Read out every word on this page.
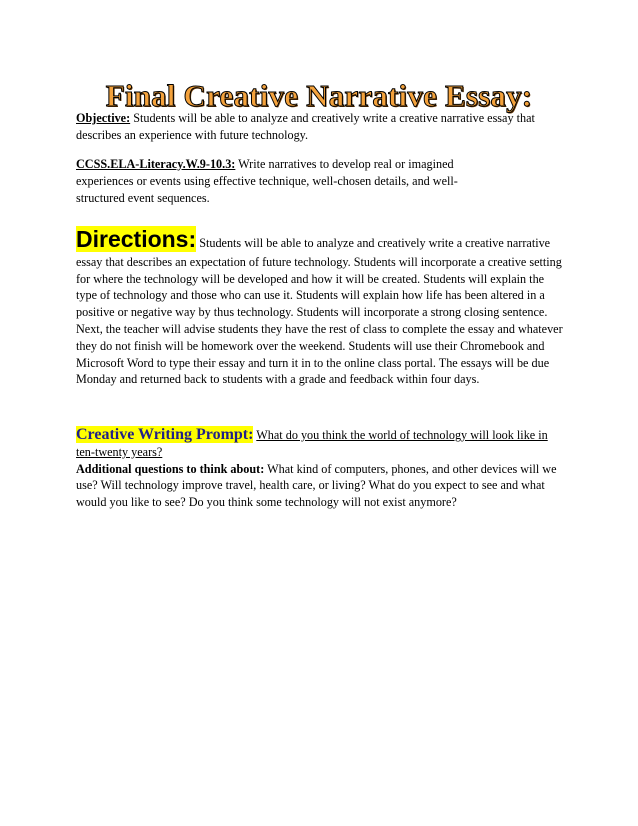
Final Creative Narrative Essay:
Objective: Students will be able to analyze and creatively write a creative narrative essay that describes an experience with future technology.
CCSS.ELA-Literacy.W.9-10.3: Write narratives to develop real or imagined experiences or events using effective technique, well-chosen details, and well-structured event sequences.
Directions: Students will be able to analyze and creatively write a creative narrative
essay that describes an expectation of future technology. Students will incorporate a creative setting for where the technology will be developed and how it will be created. Students will explain the type of technology and those who can use it. Students will explain how life has been altered in a positive or negative way by thus technology. Students will incorporate a strong closing sentence. Next, the teacher will advise students they have the rest of class to complete the essay and whatever they do not finish will be homework over the weekend. Students will use their Chromebook and Microsoft Word to type their essay and turn it in to the online class portal. The essays will be due Monday and returned back to students with a grade and feedback within four days.
Creative Writing Prompt: What do you think the world of technology will look like in ten-twenty years?
Additional questions to think about: What kind of computers, phones, and other devices will we use? Will technology improve travel, health care, or living? What do you expect to see and what would you like to see? Do you think some technology will not exist anymore?
